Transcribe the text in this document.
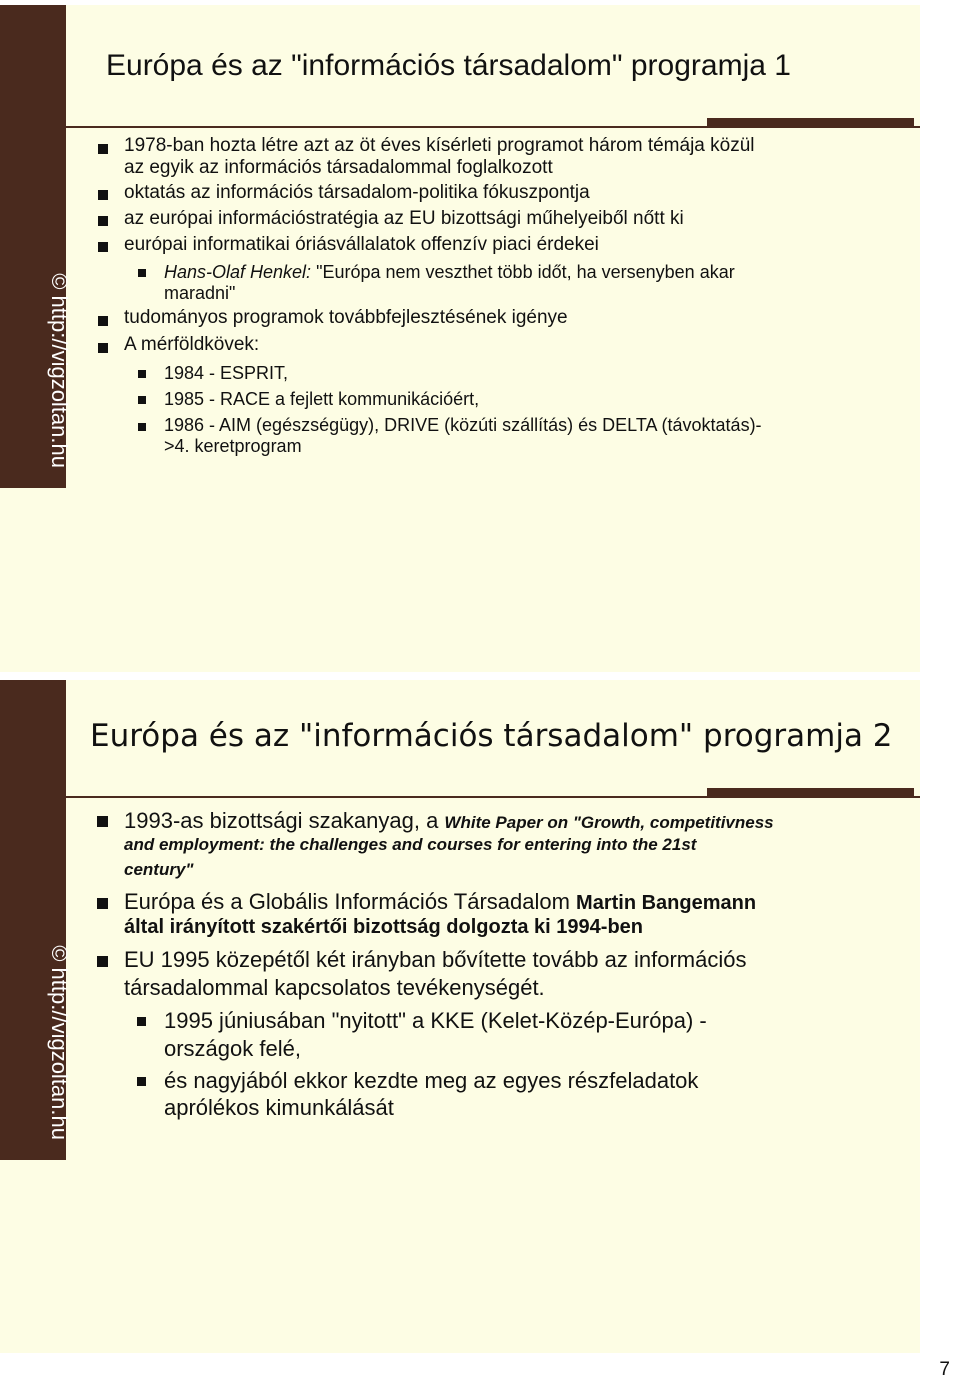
© http://vigzoltan.hu
Európa és az "információs társadalom" programja 1
1978-ban hozta létre azt az öt éves kísérleti programot három témája közül
az egyik az információs társadalommal foglalkozott
oktatás az információs társadalom-politika fókuszpontja
az európai információstratégia az EU bizottsági műhelyeiből nőtt ki
európai informatikai óriásvállalatok offenzív piaci érdekei
Hans-Olaf Henkel: "Európa nem veszthet több időt, ha versenyben akar
maradni"
tudományos programok továbbfejlesztésének igénye
A mérföldkövek:
1984 - ESPRIT,
1985 - RACE a fejlett kommunikációért,
1986 - AIM (egészségügy), DRIVE (közúti szállítás) és DELTA (távoktatás)-
>4. keretprogram
© http://vigzoltan.hu
Európa és az "információs társadalom" programja 2
1993-as bizottsági szakanyag, a White Paper on "Growth, competitivness
and employment: the challenges and courses for entering into the 21st
century"
Európa és a Globális Információs Társadalom Martin Bangemann
által irányított szakértői bizottság dolgozta ki 1994-ben
EU 1995 közepétől két irányban bővítette tovább az információs
társadalommal kapcsolatos tevékenységét.
1995 júniusában "nyitott" a KKE (Kelet-Közép-Európa) -
országok felé,
és nagyjából ekkor kezdte meg az egyes részfeladatok
aprólékos kimunkálását
7
